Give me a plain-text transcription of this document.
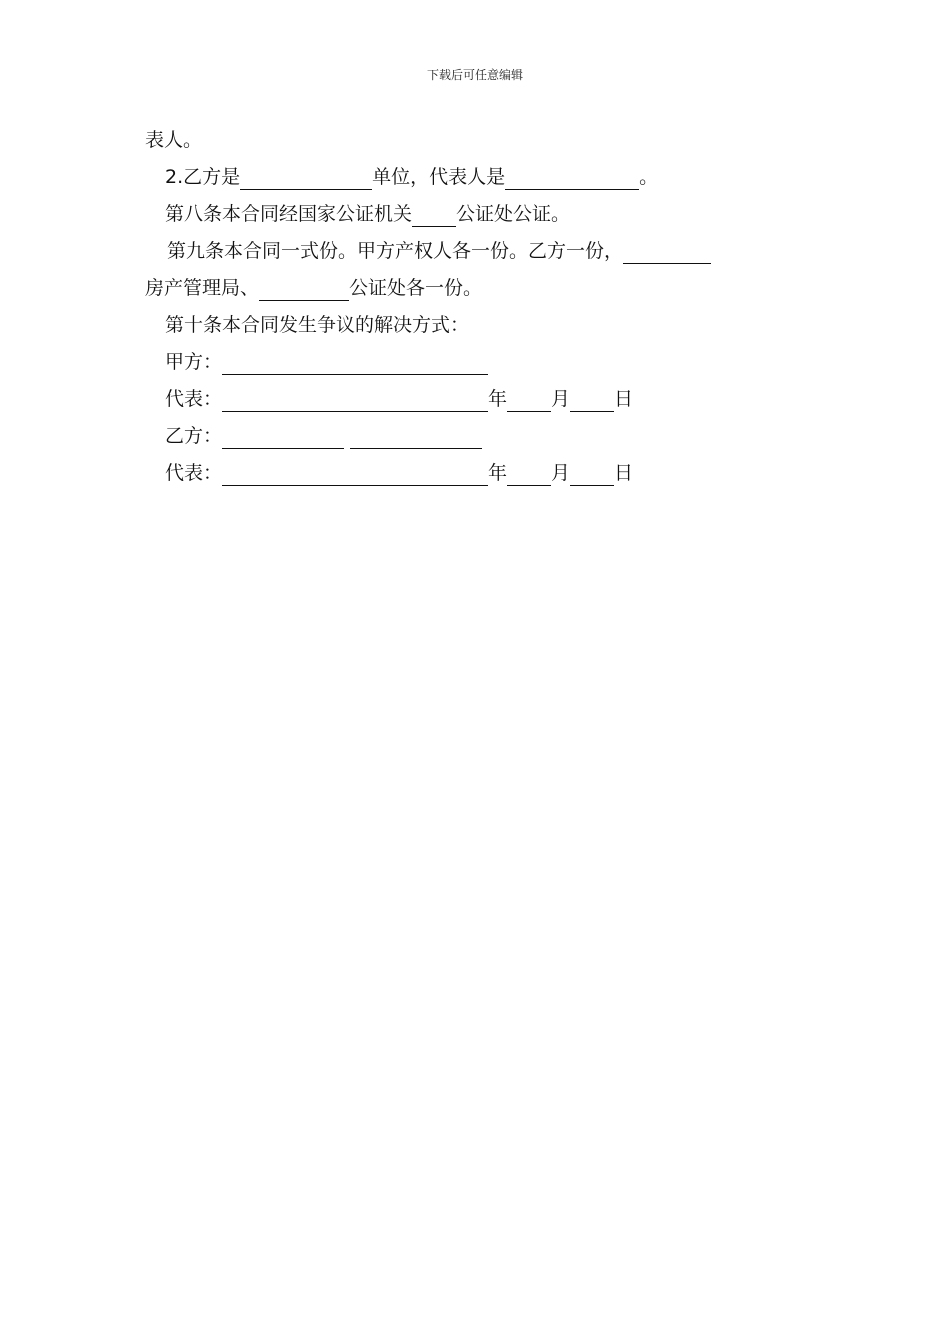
下载后可任意编辑
表人。
2.乙方是	单位，代表人是	。
第八条本合同经国家公证机关 公证处公证。
第九条本合同一式份。甲方产权人各一份。乙方一份，
房产管理局、	公证处各一份。
第十条本合同发生争议的解决方式：
甲方：
代表：	年 月 日
乙方：
代表：	年 月 日
